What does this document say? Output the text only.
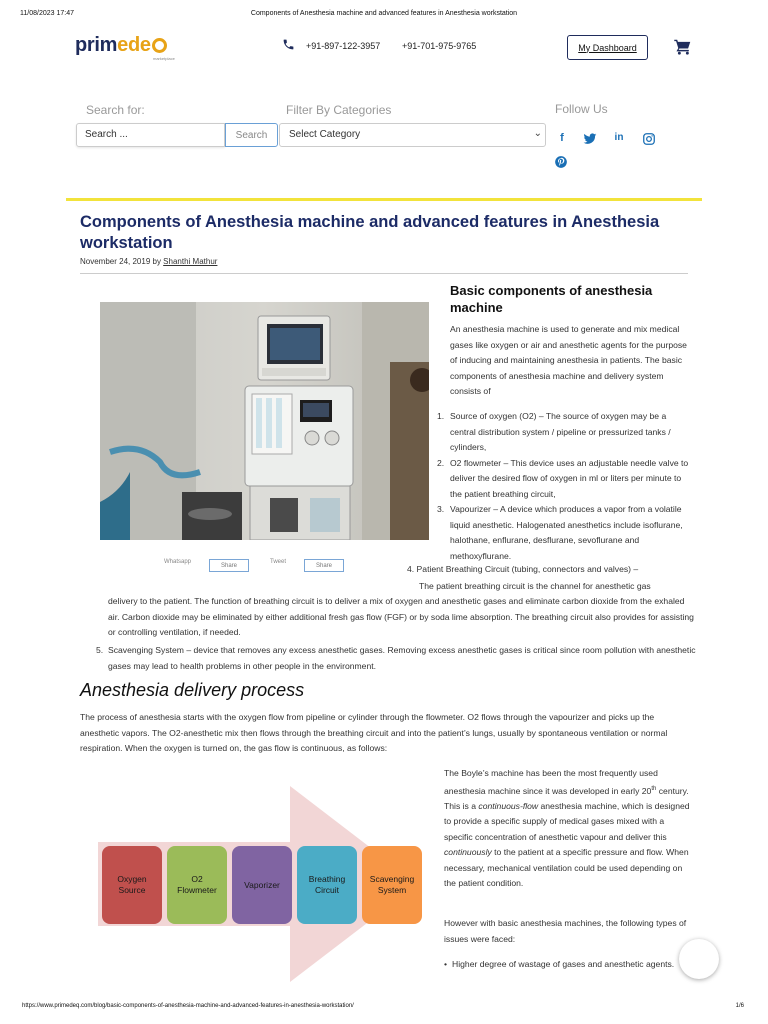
11/08/2023 17:47	Components of Anesthesia machine and advanced features in Anesthesia workstation
primede
marketplace
+91-897-122-3957 +91-701-975-9765	My Dashboard
Search for:	Filter By Categories	Follow Us
Search ...	Search	Select Category	⌄	f	in
Components of Anesthesia machine and advanced features in Anesthesia workstation
November 24, 2019 by Shanthi Mathur
Whatsapp
Share
Tweet
Share
Basic components of anesthesia machine

An anesthesia machine is used to generate and mix medical gases like oxygen or air and anesthetic agents for the purpose of inducing and maintaining anesthesia in patients. The basic components of anesthesia machine and delivery system consists of

1. Source of oxygen (O2) – The source of oxygen may be a central distribution system / pipeline or pressurized tanks / cylinders,
2. O2 flowmeter – This device uses an adjustable needle valve to deliver the desired flow of oxygen in ml or liters per minute to the patient breathing circuit,
3. Vapourizer – A device which produces a vapor from a volatile liquid anesthetic. Halogenated anesthetics include isoflurane, halothane, enflurane, desflurane, sevoflurane and methoxyflurane.
4. Patient Breathing Circuit (tubing, connectors and valves) –
The patient breathing circuit is the channel for anesthetic gas

delivery to the patient. The function of breathing circuit is to deliver a mix of oxygen and anesthetic gases and eliminate carbon dioxide from the exhaled air. Carbon dioxide may be eliminated by either additional fresh gas flow (FGF) or by soda lime absorption. The breathing circuit also provides for assisting or controlling ventilation, if needed.

5. Scavenging System – device that removes any excess anesthetic gases. Removing excess anesthetic gases is critical since room pollution with anesthetic gases may lead to health problems in other people in the environment.
Anesthesia delivery process

The process of anesthesia starts with the oxygen flow from pipeline or cylinder through the flowmeter. O2 flows through the vapourizer and picks up the anesthetic vapors. The O2-anesthetic mix then flows through the breathing circuit and into the patient’s lungs, usually by spontaneous ventilation or normal respiration. When the oxygen is turned on, the gas flow is continuous, as follows:

Oxygen
Source
O2
Flowmeter	Vaporizer
Breathing
Circuit
Scavenging
System

The Boyle’s machine has been the most frequently used anesthesia machine since it was developed in early 20th century. This is a continuous-flow anesthesia machine, which is designed to provide a specific supply of medical gases mixed with a specific concentration of anesthetic vapour and deliver this continuously to the patient at a specific pressure and flow. When necessary, mechanical ventilation could be used depending on the patient condition.

However with basic anesthesia machines, the following types of issues were faced:

• Higher degree of wastage of gases and anesthetic agents.

https://www.primedeq.com/blog/basic-components-of-anesthesia-machine-and-advanced-features-in-anesthesia-workstation/	1/6
